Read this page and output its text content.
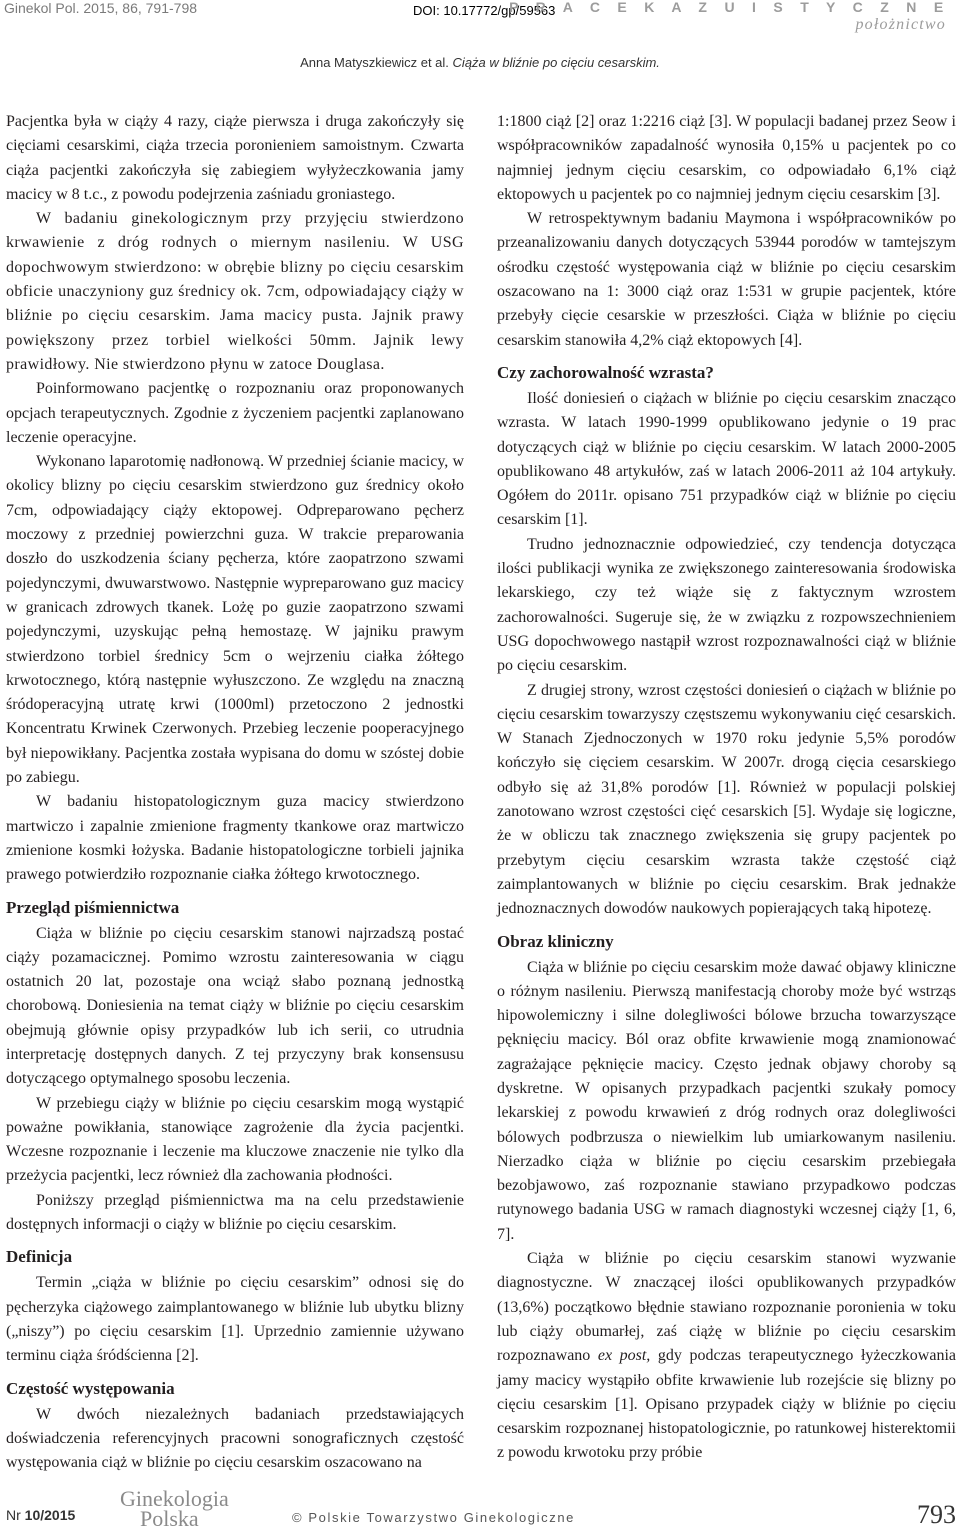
Ginekol Pol. 2015, 86, 791-798	DOI: 10.17772/gp/59563
P R A C E K A Z U I S T Y C Z N E
położnictwo
Anna Matyszkiewicz et al. Ciąża w bliźnie po cięciu cesarskim.

Pacjentka była w ciąży 4 razy, ciąże pierwsza i druga zakończyły się cięciami cesarskimi, ciąża trzecia poronieniem samoistnym. Czwarta ciąża pacjentki zakończyła się zabiegiem wyłyżeczkowania jamy macicy w 8 t.c., z powodu podejrzenia zaśniadu groniastego.

W badaniu ginekologicznym przy przyjęciu stwierdzono krwawienie z dróg rodnych o miernym nasileniu. W USG dopochwowym stwierdzono: w obrębie blizny po cięciu cesarskim obficie unaczyniony guz średnicy ok. 7cm, odpowiadający ciąży w bliźnie po cięciu cesarskim. Jama macicy pusta. Jajnik prawy powiększony przez torbiel wielkości 50mm. Jajnik lewy prawidłowy. Nie stwierdzono płynu w zatoce Douglasa.

Poinformowano pacjentkę o rozpoznaniu oraz proponowanych opcjach terapeutycznych. Zgodnie z życzeniem pacjentki zaplanowano leczenie operacyjne.

Wykonano laparotomię nadłonową. W przedniej ścianie macicy, w okolicy blizny po cięciu cesarskim stwierdzono guz średnicy około 7cm, odpowiadający ciąży ektopowej. Odpreparowano pęcherz moczowy z przedniej powierzchni guza. W trakcie preparowania doszło do uszkodzenia ściany pęcherza, które zaopatrzono szwami pojedynczymi, dwuwarstwowo. Następnie wypreparowano guz macicy w granicach zdrowych tkanek. Lożę po guzie zaopatrzono szwami pojedynczymi, uzyskując pełną hemostazę. W jajniku prawym stwierdzono torbiel średnicy 5cm o wejrzeniu ciałka żółtego krwotocznego, którą następnie wyłuszczono. Ze względu na znaczną śródoperacyjną utratę krwi (1000ml) przetoczono 2 jednostki Koncentratu Krwinek Czerwonych. Przebieg leczenie pooperacyjnego był niepowikłany. Pacjentka została wypisana do domu w szóstej dobie po zabiegu.

W badaniu histopatologicznym guza macicy stwierdzono martwiczo i zapalnie zmienione fragmenty tkankowe oraz martwiczo zmienione kosmki łożyska. Badanie histopatologiczne torbieli jajnika prawego potwierdziło rozpoznanie ciałka żółtego krwotocznego.

Przegląd piśmiennictwa

Ciąża w bliźnie po cięciu cesarskim stanowi najrzadszą postać ciąży pozamacicznej. Pomimo wzrostu zainteresowania w ciągu ostatnich 20 lat, pozostaje ona wciąż słabo poznaną jednostką chorobową. Doniesienia na temat ciąży w bliźnie po cięciu cesarskim obejmują głównie opisy przypadków lub ich serii, co utrudnia interpretację dostępnych danych. Z tej przyczyny brak konsensusu dotyczącego optymalnego sposobu leczenia.

W przebiegu ciąży w bliźnie po cięciu cesarskim mogą wystąpić poważne powikłania, stanowiące zagrożenie dla życia pacjentki. Wczesne rozpoznanie i leczenie ma kluczowe znaczenie nie tylko dla przeżycia pacjentki, lecz również dla zachowania płodności.

Poniższy przegląd piśmiennictwa ma na celu przedstawienie dostępnych informacji o ciąży w bliźnie po cięciu cesarskim.

Definicja

Termin „ciąża w bliźnie po cięciu cesarskim” odnosi się do pęcherzyka ciążowego zaimplantowanego w bliźnie lub ubytku blizny („niszy”) po cięciu cesarskim [1]. Uprzednio zamiennie używano terminu ciąża śródścienna [2].

Częstość występowania

W dwóch niezależnych badaniach przedstawiających doświadczenia referencyjnych pracowni sonograficznych częstość występowania ciąż w bliźnie po cięciu cesarskim oszacowano na

1:1800 ciąż [2] oraz 1:2216 ciąż [3]. W populacji badanej przez Seow i współpracowników zapadalność wynosiła 0,15% u pacjentek po co najmniej jednym cięciu cesarskim, co odpowiadało 6,1% ciąż ektopowych u pacjentek po co najmniej jednym cięciu cesarskim [3].

W retrospektywnym badaniu Maymona i współpracowników po przeanalizowaniu danych dotyczących 53944 porodów w tamtejszym ośrodku częstość występowania ciąż w bliźnie po cięciu cesarskim oszacowano na 1: 3000 ciąż oraz 1:531 w grupie pacjentek, które przebyły cięcie cesarskie w przeszłości. Ciąża w bliźnie po cięciu cesarskim stanowiła 4,2% ciąż ektopowych [4].

Czy zachorowalność wzrasta?

Ilość doniesień o ciążach w bliźnie po cięciu cesarskim znacząco wzrasta. W latach 1990-1999 opublikowano jedynie o 19 prac dotyczących ciąż w bliźnie po cięciu cesarskim. W latach 2000-2005 opublikowano 48 artykułów, zaś w latach 2006-2011 aż 104 artykuły. Ogółem do 2011r. opisano 751 przypadków ciąż w bliźnie po cięciu cesarskim [1].

Trudno jednoznacznie odpowiedzieć, czy tendencja dotycząca ilości publikacji wynika ze zwiększonego zainteresowania środowiska lekarskiego, czy też wiąże się z faktycznym wzrostem zachorowalności. Sugeruje się, że w związku z rozpowszechnieniem USG dopochwowego nastąpił wzrost rozpoznawalności ciąż w bliźnie po cięciu cesarskim.

Z drugiej strony, wzrost częstości doniesień o ciążach w bliźnie po cięciu cesarskim towarzyszy częstszemu wykonywaniu cięć cesarskich. W Stanach Zjednoczonych w 1970 roku jedynie 5,5% porodów kończyło się cięciem cesarskim. W 2007r. drogą cięcia cesarskiego odbyło się aż 31,8% porodów [1]. Również w populacji polskiej zanotowano wzrost częstości cięć cesarskich [5]. Wydaje się logiczne, że w obliczu tak znacznego zwiększenia się grupy pacjentek po przebytym cięciu cesarskim wzrasta także częstość ciąż zaimplantowanych w bliźnie po cięciu cesarskim. Brak jednakże jednoznacznych dowodów naukowych popierających taką hipotezę.

Obraz kliniczny

Ciąża w bliźnie po cięciu cesarskim może dawać objawy kliniczne o różnym nasileniu. Pierwszą manifestacją choroby może być wstrząs hipowolemiczny i silne dolegliwości bólowe brzucha towarzyszące pęknięciu macicy. Ból oraz obfite krwawienie mogą znamionować zagrażające pęknięcie macicy. Często jednak objawy choroby są dyskretne. W opisanych przypadkach pacjentki szukały pomocy lekarskiej z powodu krwawień z dróg rodnych oraz dolegliwości bólowych podbrzusza o niewielkim lub umiarkowanym nasileniu. Nierzadko ciąża w bliźnie po cięciu cesarskim przebiegała bezobjawowo, zaś rozpoznanie stawiano przypadkowo podczas rutynowego badania USG w ramach diagnostyki wczesnej ciąży [1, 6, 7].

Ciąża w bliźnie po cięciu cesarskim stanowi wyzwanie diagnostyczne. W znaczącej ilości opublikowanych przypadków (13,6%) początkowo błędnie stawiano rozpoznanie poronienia w toku lub ciąży obumarłej, zaś ciążę w bliźnie po cięciu cesarskim rozpoznawano ex post, gdy podczas terapeutycznego łyżeczkowania jamy macicy wystąpiło obfite krwawienie lub rozejście się blizny po cięciu cesarskim [1]. Opisano przypadek ciąży w bliźnie po cięciu cesarskim rozpoznanej histopatologicznie, po ratunkowej histerektomii z powodu krwotoku przy próbie

Nr 10/2015
Ginekologia
Polska	© Polskie Towarzystwo Ginekologiczne	793
